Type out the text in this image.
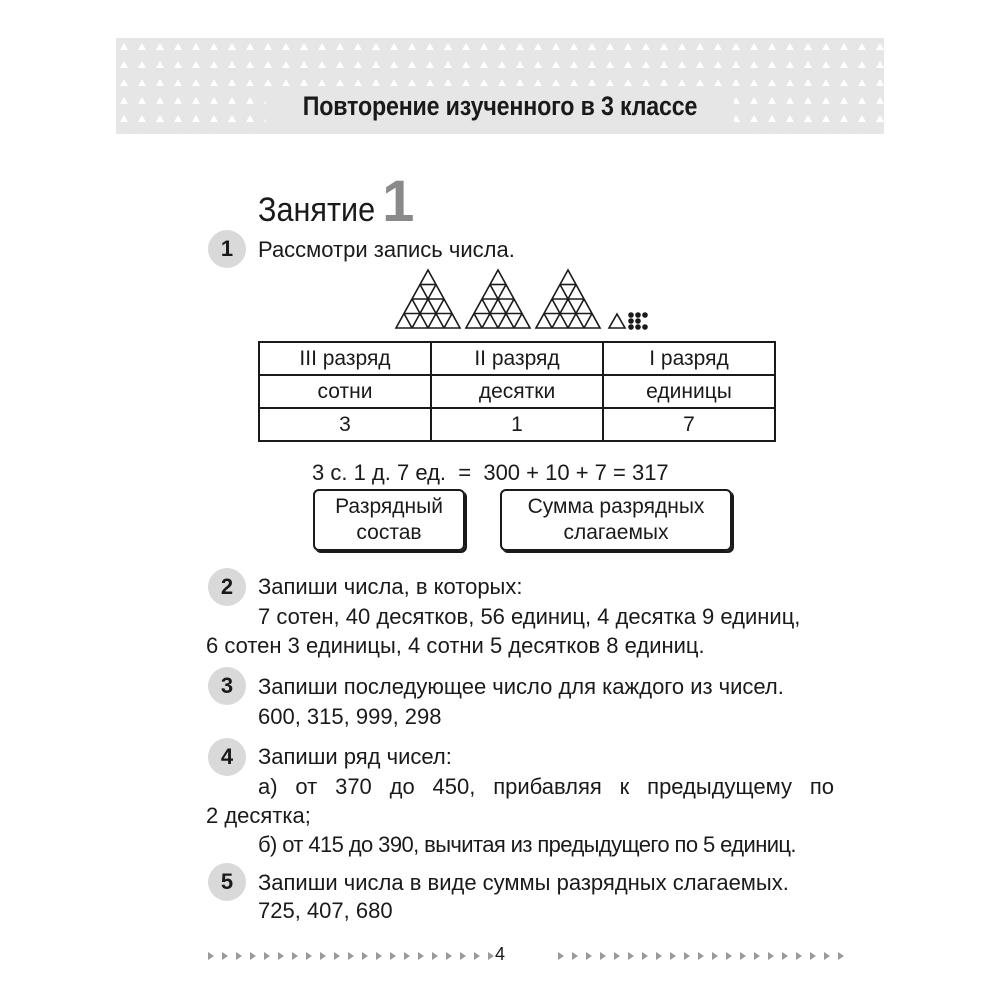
Повторение изученного в 3 классе
Занятие 1
1	Рассмотри запись числа.
III разряд	II разряд	I разряд
сотни	десятки	единицы
3	1	7
3 с. 1 д. 7 ед.  =  300 + 10 + 7 = 317
Разрядный
состав
Сумма разрядных
слагаемых
2	Запиши числа, в которых:
7 сотен, 40 десятков, 56 единиц, 4 десятка 9 единиц,
6 сотен 3 единицы, 4 сотни 5 десятков 8 единиц.
3	Запиши последующее число для каждого из чисел.
600, 315, 999, 298
4	Запиши ряд чисел:
а) от 370 до 450, прибавляя к предыдущему по
2 десятка;
б) от 415 до 390, вычитая из предыдущего по 5 единиц.
5	Запиши числа в виде суммы разрядных слагаемых.
725, 407, 680
4
